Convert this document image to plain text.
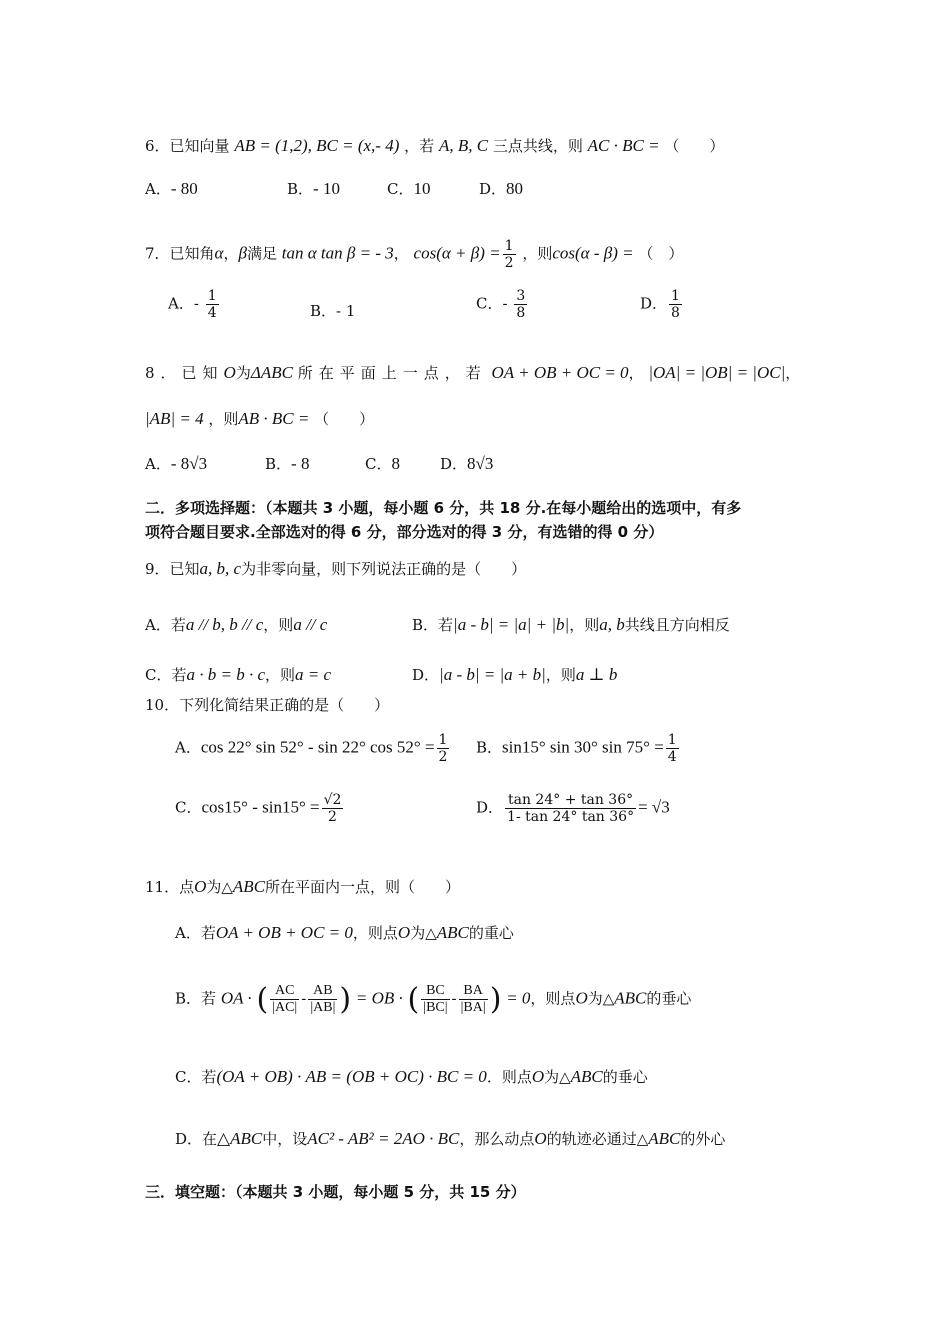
6．已知向量 AB = (1,2), BC = (x,- 4) ，若 A, B, C 三点共线，则 AC · BC = （　　）
A．- 80	B．- 10	C．10	D．80
7．已知角α，β满足 tan α tan β = - 3， $\cos(\alpha + \beta) = \frac{1}{2}$ ，则cos(α - β) = （　）
A．- $\frac{1}{4}$	B．- 1	C．- $\frac{3}{8}$	D． $\frac{1}{8}$
8．已知O为ΔABC 所在平面上一点，若 OA + OB + OC = 0， |OA| = |OB| = |OC|，
|AB| = 4 ，则AB · BC = （　　）
A．- 8√3	B．- 8	C．8	D．8√3
二．多项选择题：（本题共 3 小题，每小题 6 分，共 18 分.在每小题给出的选项中，有多
项符合题目要求.全部选对的得 6 分，部分选对的得 3 分，有选错的得 0 分）
9．已知a, b, c为非零向量，则下列说法正确的是（　　）
A．若a // b, b // c，则a // c	B．若|a - b| = |a| + |b|，则a, b共线且方向相反
C．若a · b = b · c，则a = c	D．|a - b| = |a + b|，则a ⊥ b
10．下列化简结果正确的是（　　）
A．cos 22° sin 52° - sin 22° $\cos 52^\circ = \frac{1}{2}$ B．sin15° sin 30° $\sin 75^\circ = \frac{1}{4}$
C．$\cos 15^\circ - \sin 15^\circ = \frac{√2}{2}$	D． $\frac{\tan 24^\circ + \tan 36^\circ}{1- \tan 24^\circ \tan 36^\circ} = √3$
11．点O为△ABC所在平面内一点，则（　　）
A．若OA + OB + OC = 0，则点O为△ABC的重心
B．若 OA · ( $\frac{AC}{|AC|} - \frac{AB}{|AB|}$ ) = OB · ( $\frac{BC}{|BC|} - \frac{BA}{|BA|}$ ) = 0，则点O为△ABC的垂心
C．若(OA + OB) · AB = (OB + OC) · BC = 0．则点O为△ABC的垂心
D．在△ABC中，设AC² - AB² = 2AO · BC，那么动点O的轨迹必通过△ABC的外心
三．填空题：（本题共 3 小题，每小题 5 分，共 15 分）
